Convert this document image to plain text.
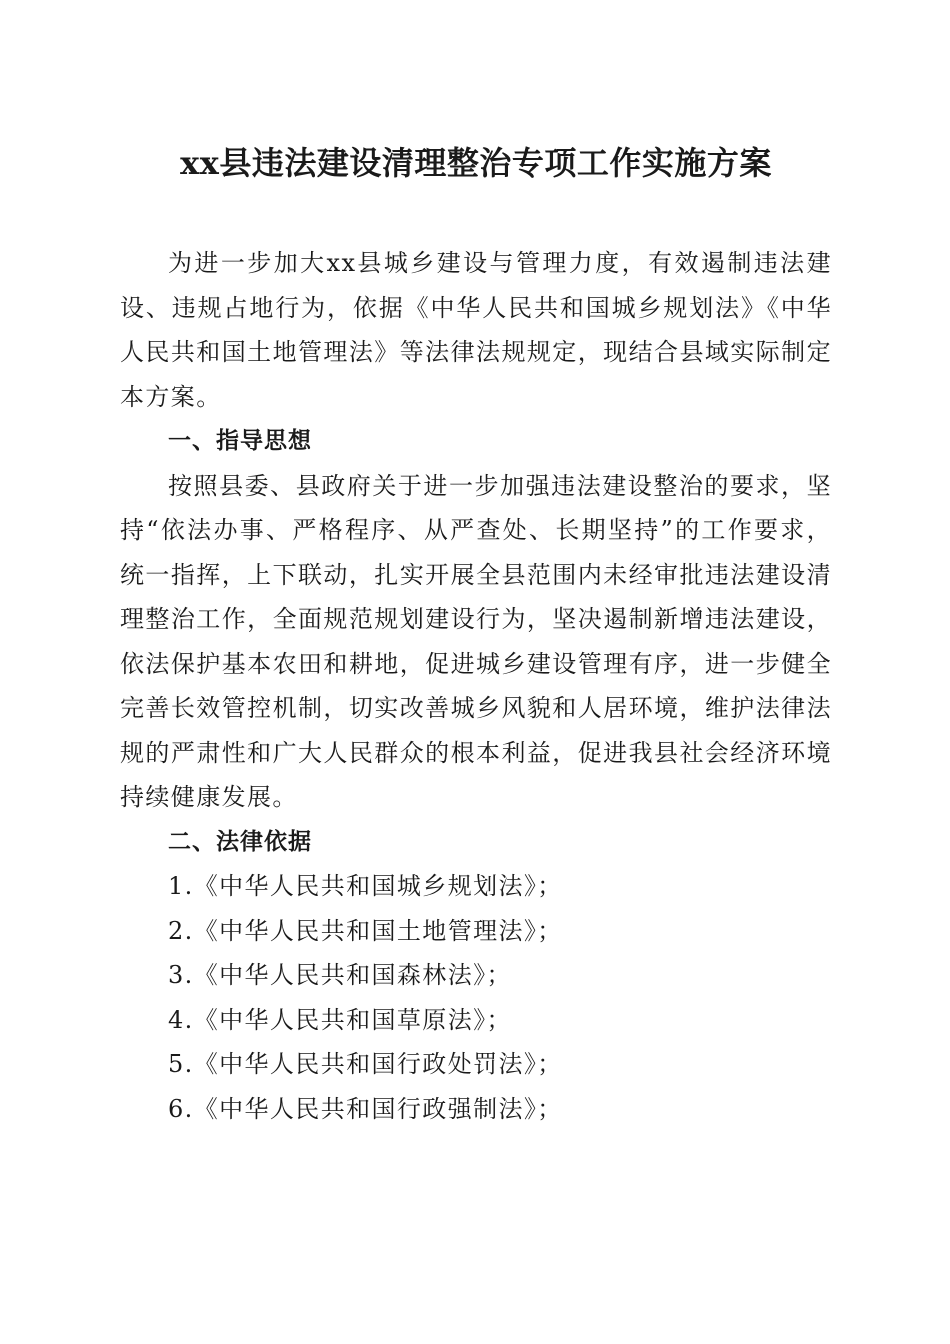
xx县违法建设清理整治专项工作实施方案

为进一步加大xx县城乡建设与管理力度，有效遏制违法建设、违规占地行为，依据《中华人民共和国城乡规划法》《中华人民共和国土地管理法》等法律法规规定，现结合县域实际制定本方案。

一、指导思想

按照县委、县政府关于进一步加强违法建设整治的要求，坚持“依法办事、严格程序、从严查处、长期坚持”的工作要求，统一指挥，上下联动，扎实开展全县范围内未经审批违法建设清理整治工作，全面规范规划建设行为，坚决遏制新增违法建设，依法保护基本农田和耕地，促进城乡建设管理有序，进一步健全完善长效管控机制，切实改善城乡风貌和人居环境，维护法律法规的严肃性和广大人民群众的根本利益，促进我县社会经济环境持续健康发展。

二、法律依据
1.《中华人民共和国城乡规划法》；
2.《中华人民共和国土地管理法》；
3.《中华人民共和国森林法》；
4.《中华人民共和国草原法》；
5.《中华人民共和国行政处罚法》；
6.《中华人民共和国行政强制法》；
